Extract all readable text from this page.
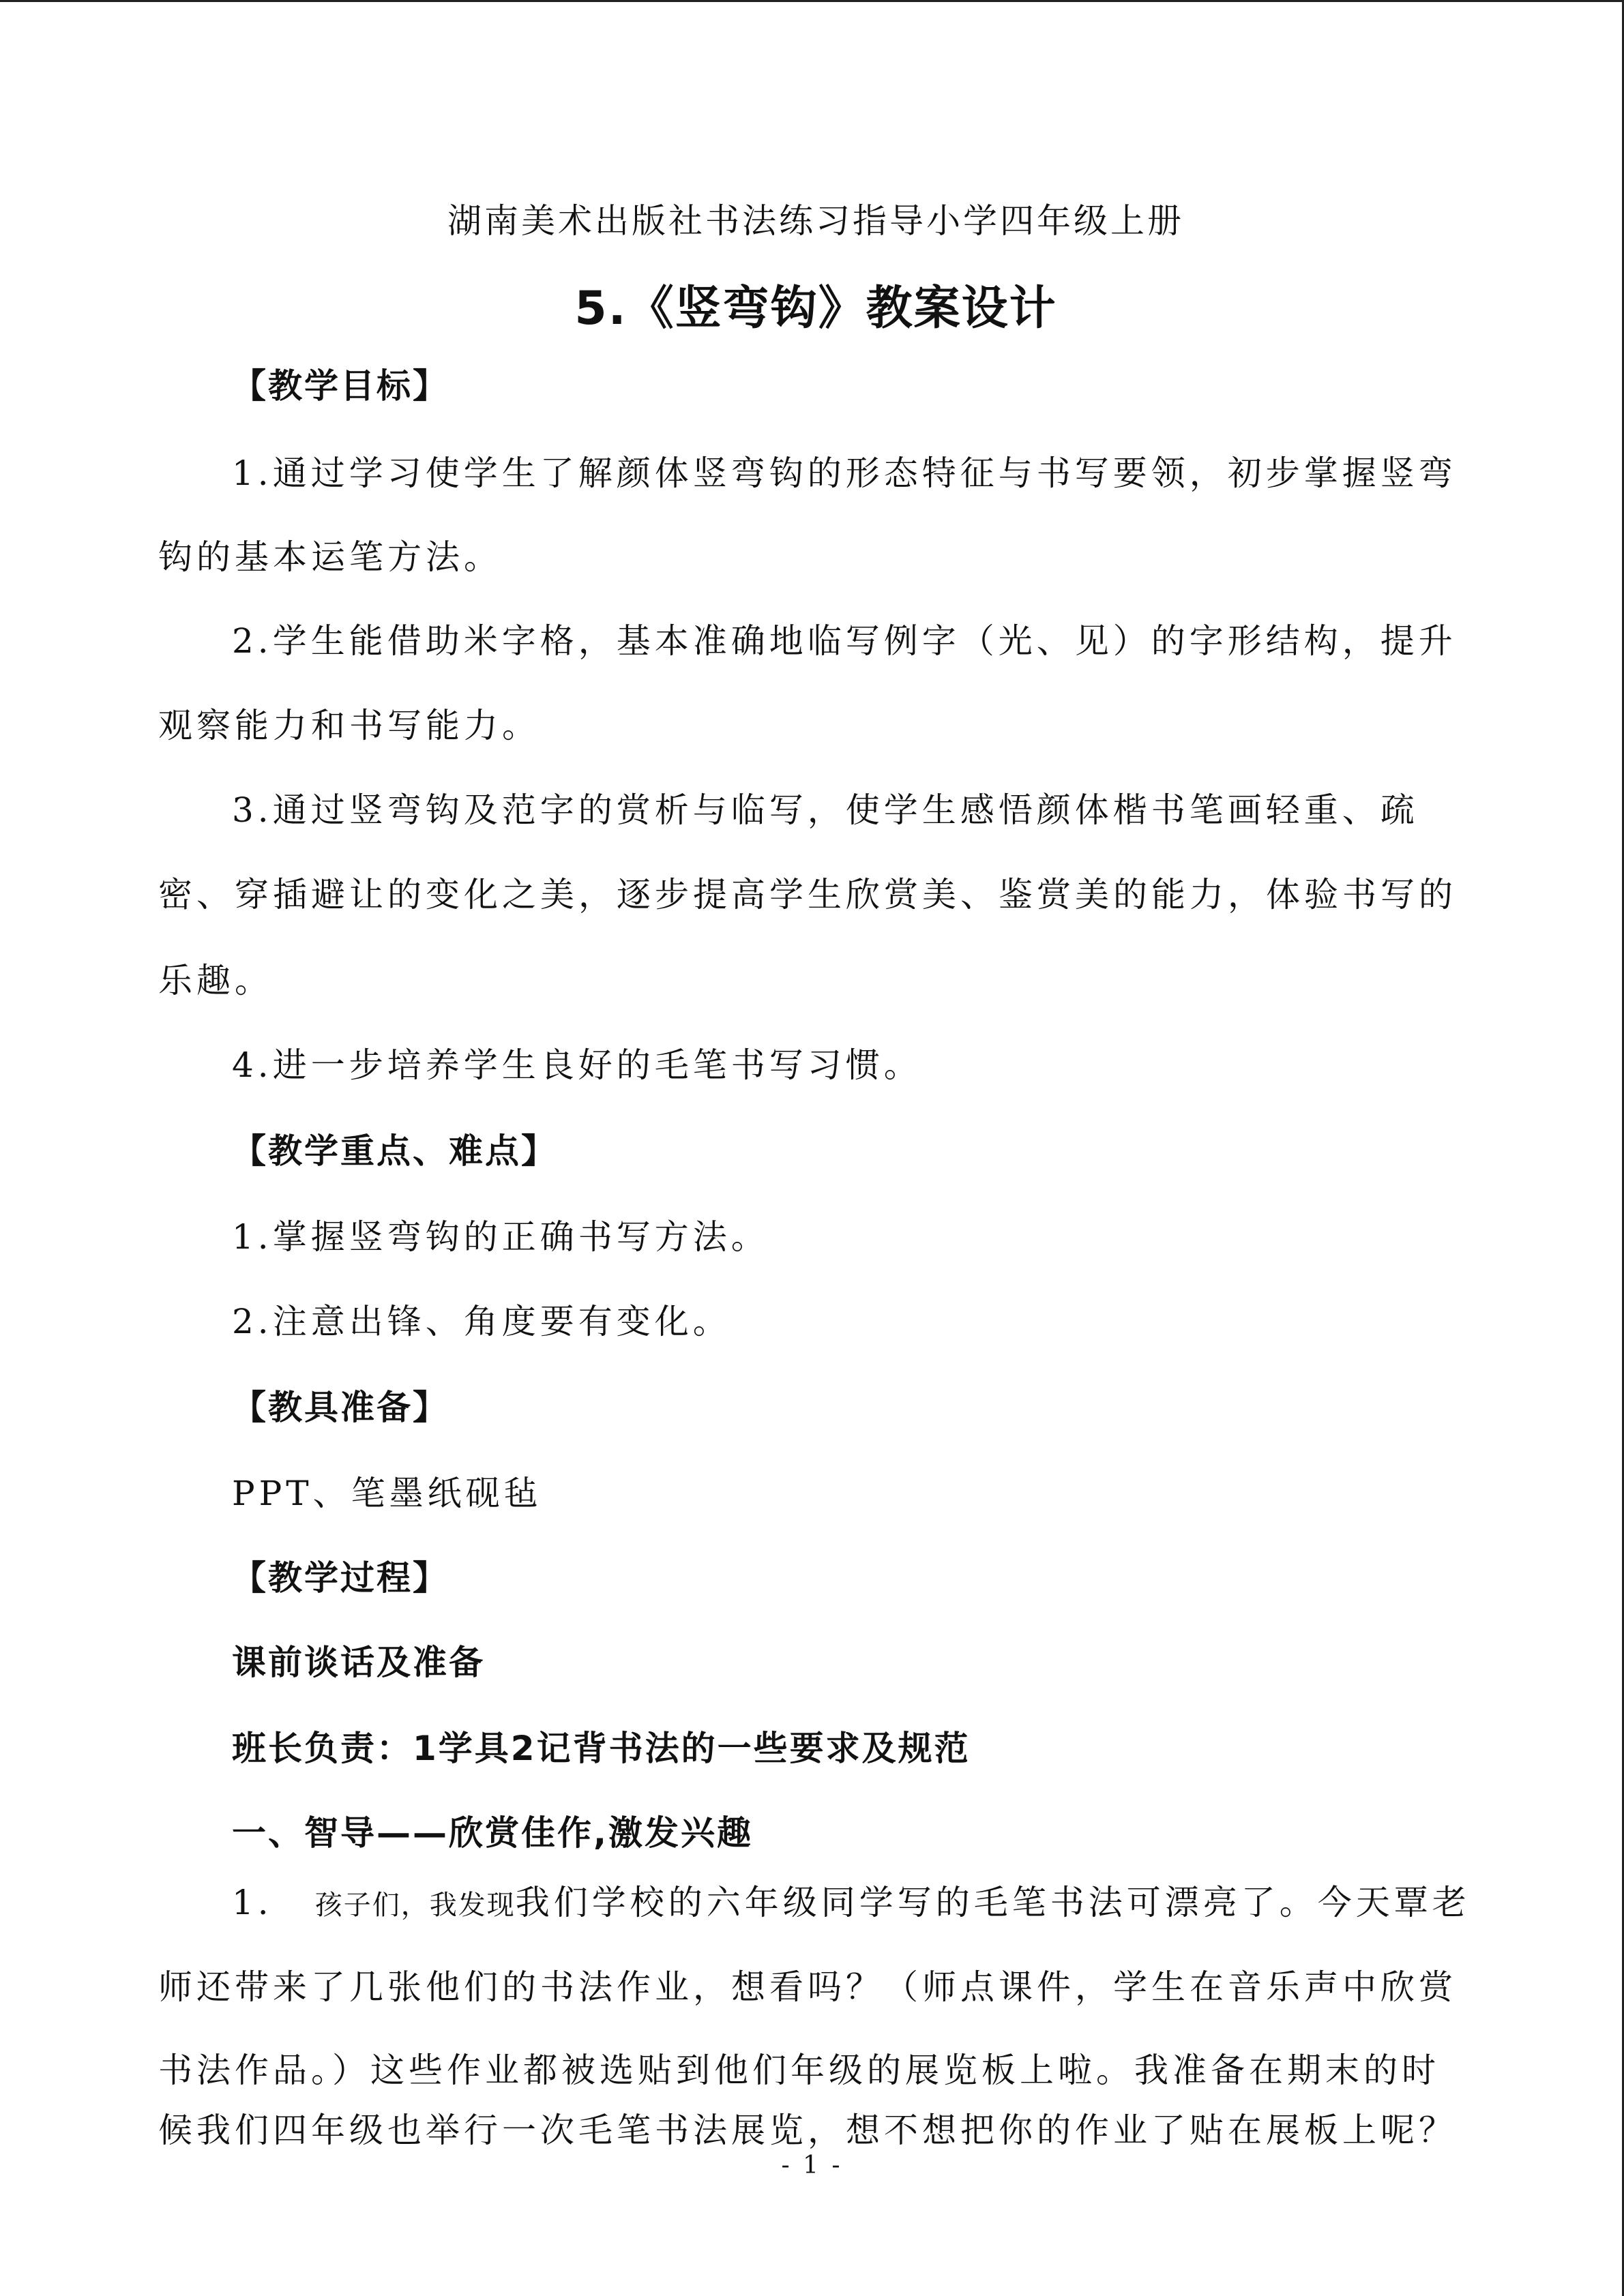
湖南美术出版社书法练习指导小学四年级上册
5.《竖弯钩》教案设计
【教学目标】
1.通过学习使学生了解颜体竖弯钩的形态特征与书写要领，初步掌握竖弯
钩的基本运笔方法。
2.学生能借助米字格，基本准确地临写例字（光、见）的字形结构，提升
观察能力和书写能力。
3.通过竖弯钩及范字的赏析与临写，使学生感悟颜体楷书笔画轻重、疏
密、穿插避让的变化之美，逐步提高学生欣赏美、鉴赏美的能力，体验书写的
乐趣。
4.进一步培养学生良好的毛笔书写习惯。
【教学重点、难点】
1.掌握竖弯钩的正确书写方法。
2.注意出锋、角度要有变化。
【教具准备】
PPT、笔墨纸砚毡
【教学过程】
课前谈话及准备
班长负责：1学具2记背书法的一些要求及规范
一、智导——欣赏佳作,激发兴趣
1. 孩子们，我发现我们学校的六年级同学写的毛笔书法可漂亮了。今天覃老
师还带来了几张他们的书法作业，想看吗？（师点课件，学生在音乐声中欣赏
书法作品。）这些作业都被选贴到他们年级的展览板上啦。我准备在期末的时
候我们四年级也举行一次毛笔书法展览，想不想把你的作业了贴在展板上呢？
- 1 -
